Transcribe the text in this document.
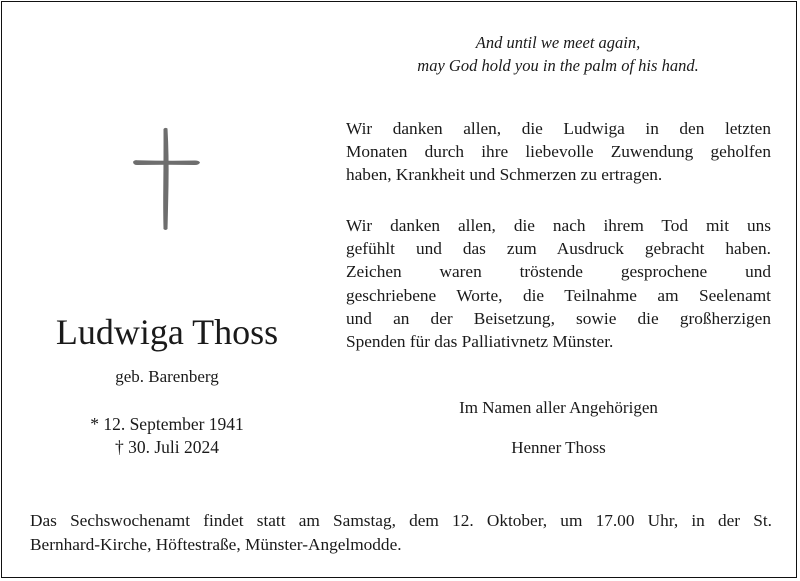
And until we meet again,
may God hold you in the palm of his hand.
Ludwiga Thoss
geb. Barenberg
* 12. September 1941
† 30. Juli 2024
Wir danken allen, die Ludwiga in den letzten
Monaten durch ihre liebevolle Zuwendung geholfen
haben, Krankheit und Schmerzen zu ertragen.
Wir danken allen, die nach ihrem Tod mit uns
gefühlt und das zum Ausdruck gebracht haben.
Zeichen waren tröstende gesprochene und
geschriebene Worte, die Teilnahme am Seelenamt
und an der Beisetzung, sowie die großherzigen
Spenden für das Palliativnetz Münster.
Im Namen aller Angehörigen
Henner Thoss
Das Sechswochenamt findet statt am Samstag, dem 12. Oktober, um 17.00 Uhr, in der St.
Bernhard-Kirche, Höftestraße, Münster-Angelmodde.
